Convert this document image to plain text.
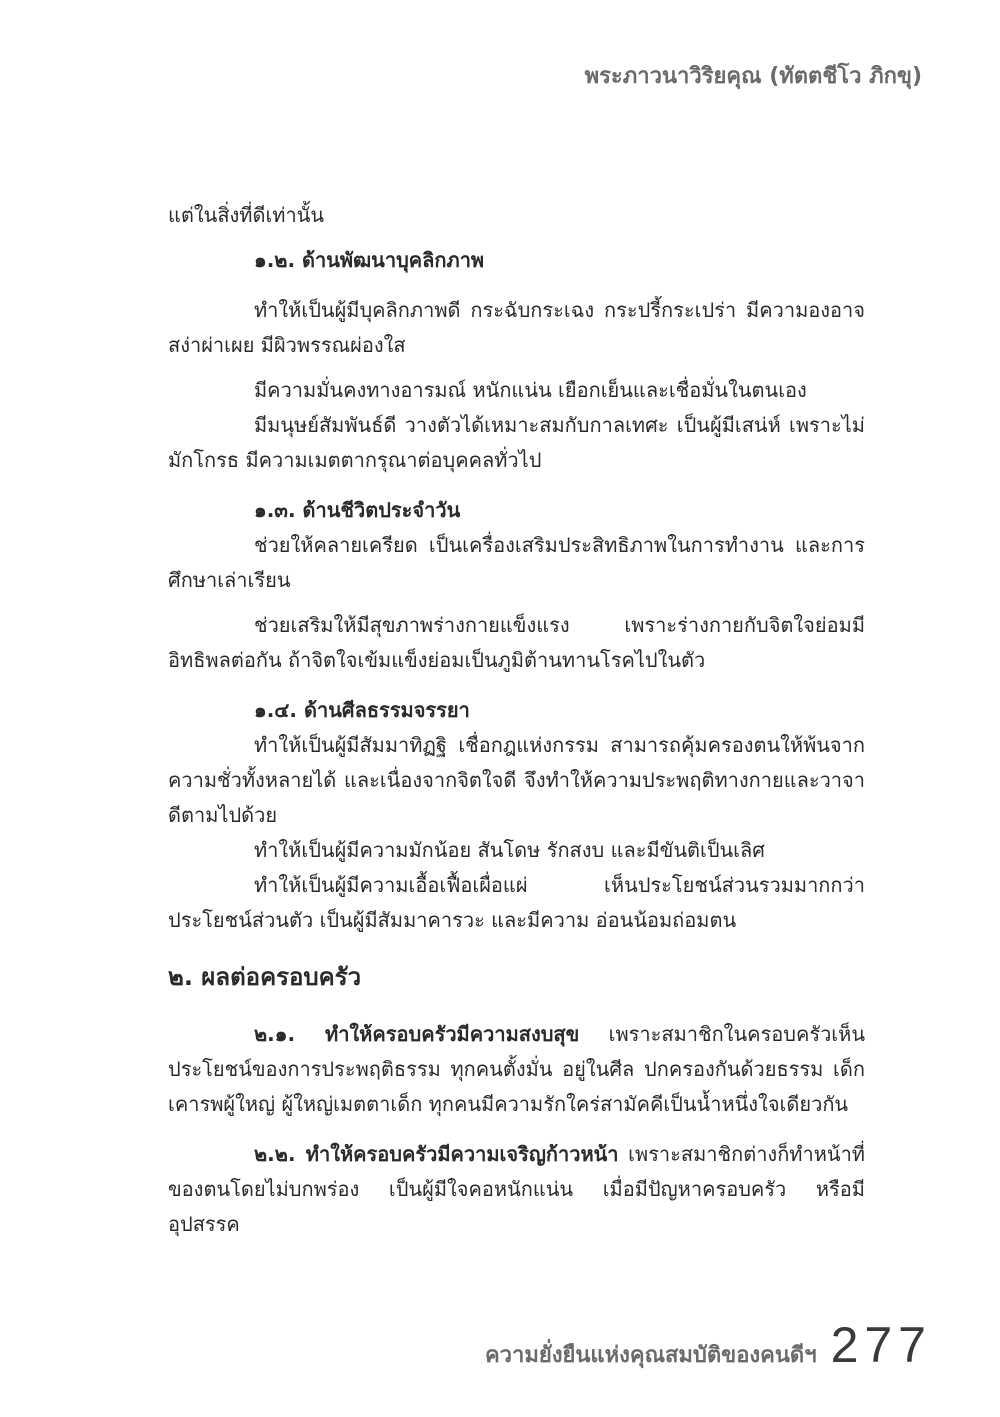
พระภาวนาวิริยคุณ (ทัตตชีโว ภิกขุ)

แต่ในสิ่งที่ดีเท่านั้น

๑.๒. ด้านพัฒนาบุคลิกภาพ

ทำให้เป็นผู้มีบุคลิกภาพดี กระฉับกระเฉง กระปรี้กระเปร่า มีความองอาจ สง่าผ่าเผย มีผิวพรรณผ่องใส

มีความมั่นคงทางอารมณ์ หนักแน่น เยือกเย็นและเชื่อมั่นในตนเอง

มีมนุษย์สัมพันธ์ดี วางตัวได้เหมาะสมกับกาลเทศะ เป็นผู้มีเสน่ห์ เพราะไม่มักโกรธ มีความเมตตากรุณาต่อบุคคลทั่วไป

๑.๓. ด้านชีวิตประจำวัน

ช่วยให้คลายเครียด เป็นเครื่องเสริมประสิทธิภาพในการทำงาน และการศึกษาเล่าเรียน

ช่วยเสริมให้มีสุขภาพร่างกายแข็งแรง เพราะร่างกายกับจิตใจย่อมมีอิทธิพลต่อกัน ถ้าจิตใจเข้มแข็งย่อมเป็นภูมิต้านทานโรคไปในตัว

๑.๔. ด้านศีลธรรมจรรยา

ทำให้เป็นผู้มีสัมมาทิฏฐิ เชื่อกฎแห่งกรรม สามารถคุ้มครองตนให้พ้นจากความชั่วทั้งหลายได้ และเนื่องจากจิตใจดี จึงทำให้ความประพฤติทางกายและวาจาดีตามไปด้วย

ทำให้เป็นผู้มีความมักน้อย สันโดษ รักสงบ และมีขันติเป็นเลิศ

ทำให้เป็นผู้มีความเอื้อเฟื้อเผื่อแผ่ เห็นประโยชน์ส่วนรวมมากกว่าประโยชน์ส่วนตัว เป็นผู้มีสัมมาคารวะ และมีความ อ่อนน้อมถ่อมตน

๒. ผลต่อครอบครัว

๒.๑. ทำให้ครอบครัวมีความสงบสุข เพราะสมาชิกในครอบครัวเห็นประโยชน์ของการประพฤติธรรม ทุกคนตั้งมั่น อยู่ในศีล ปกครองกันด้วยธรรม เด็กเคารพผู้ใหญ่ ผู้ใหญ่เมตตาเด็ก ทุกคนมีความรักใคร่สามัคคีเป็นน้ำหนึ่งใจเดียวกัน

๒.๒. ทำให้ครอบครัวมีความเจริญก้าวหน้า เพราะสมาชิกต่างก็ทำหน้าที่ของตนโดยไม่บกพร่อง เป็นผู้มีใจคอหนักแน่น เมื่อมีปัญหาครอบครัว หรือมีอุปสรรค

ความยั่งยืนแห่งคุณสมบัติของคนดีฯ 277
